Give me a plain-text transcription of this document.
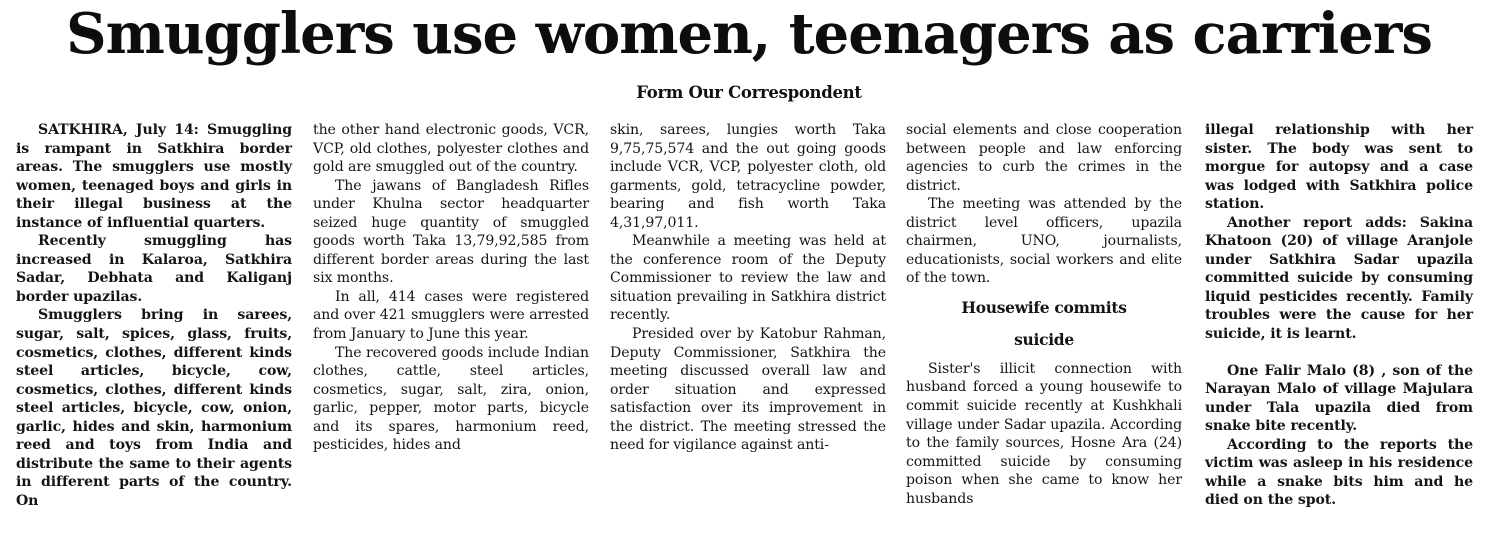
Smugglers use women, teenagers as carriers
Form Our Correspondent

SATKHIRA, July 14: Smuggling is rampant in Satkhira border areas. The smugglers use mostly women, teenaged boys and girls in their illegal business at the instance of influential quarters.

Recently smuggling has increased in Kalaroa, Satkhira Sadar, Debhata and Kaliganj border upazilas.

Smugglers bring in sarees, sugar, salt, spices, glass, fruits, cosmetics, clothes, different kinds steel articles, bicycle, cow, cosmetics, clothes, different kinds steel articles, bicycle, cow, onion, garlic, hides and skin, harmonium reed and toys from India and distribute the same to their agents in different parts of the country. On

the other hand electronic goods, VCR, VCP, old clothes, polyester clothes and gold are smuggled out of the country.

The jawans of Bangladesh Rifles under Khulna sector headquarter seized huge quantity of smuggled goods worth Taka 13,79,92,585 from different border areas during the last six months.

In all, 414 cases were registered and over 421 smugglers were arrested from January to June this year.

The recovered goods include Indian clothes, cattle, steel articles, cosmetics, sugar, salt, zira, onion, garlic, pepper, motor parts, bicycle and its spares, harmonium reed, pesticides, hides and

skin, sarees, lungies worth Taka 9,75,75,574 and the out going goods include VCR, VCP, polyester cloth, old garments, gold, tetracycline powder, bearing and fish worth Taka 4,31,97,011.

Meanwhile a meeting was held at the conference room of the Deputy Commissioner to review the law and situation prevailing in Satkhira district recently.

Presided over by Katobur Rahman, Deputy Commissioner, Satkhira the meeting discussed overall law and order situation and expressed satisfaction over its improvement in the district. The meeting stressed the need for vigilance against anti-

social elements and close cooperation between people and law enforcing agencies to curb the crimes in the district.

The meeting was attended by the district level officers, upazila chairmen, UNO, journalists, educationists, social workers and elite of the town.

Housewife commits
suicide

Sister's illicit connection with husband forced a young housewife to commit suicide recently at Kushkhali village under Sadar upazila. According to the family sources, Hosne Ara (24) committed suicide by consuming poison when she came to know her husbands

illegal relationship with her sister. The body was sent to morgue for autopsy and a case was lodged with Satkhira police station.

Another report adds: Sakina Khatoon (20) of village Aranjole under Satkhira Sadar upazila committed suicide by consuming liquid pesticides recently. Family troubles were the cause for her suicide, it is learnt.

One Falir Malo (8) , son of the Narayan Malo of village Majulara under Tala upazila died from snake bite recently.

According to the reports the victim was asleep in his residence while a snake bits him and he died on the spot.
